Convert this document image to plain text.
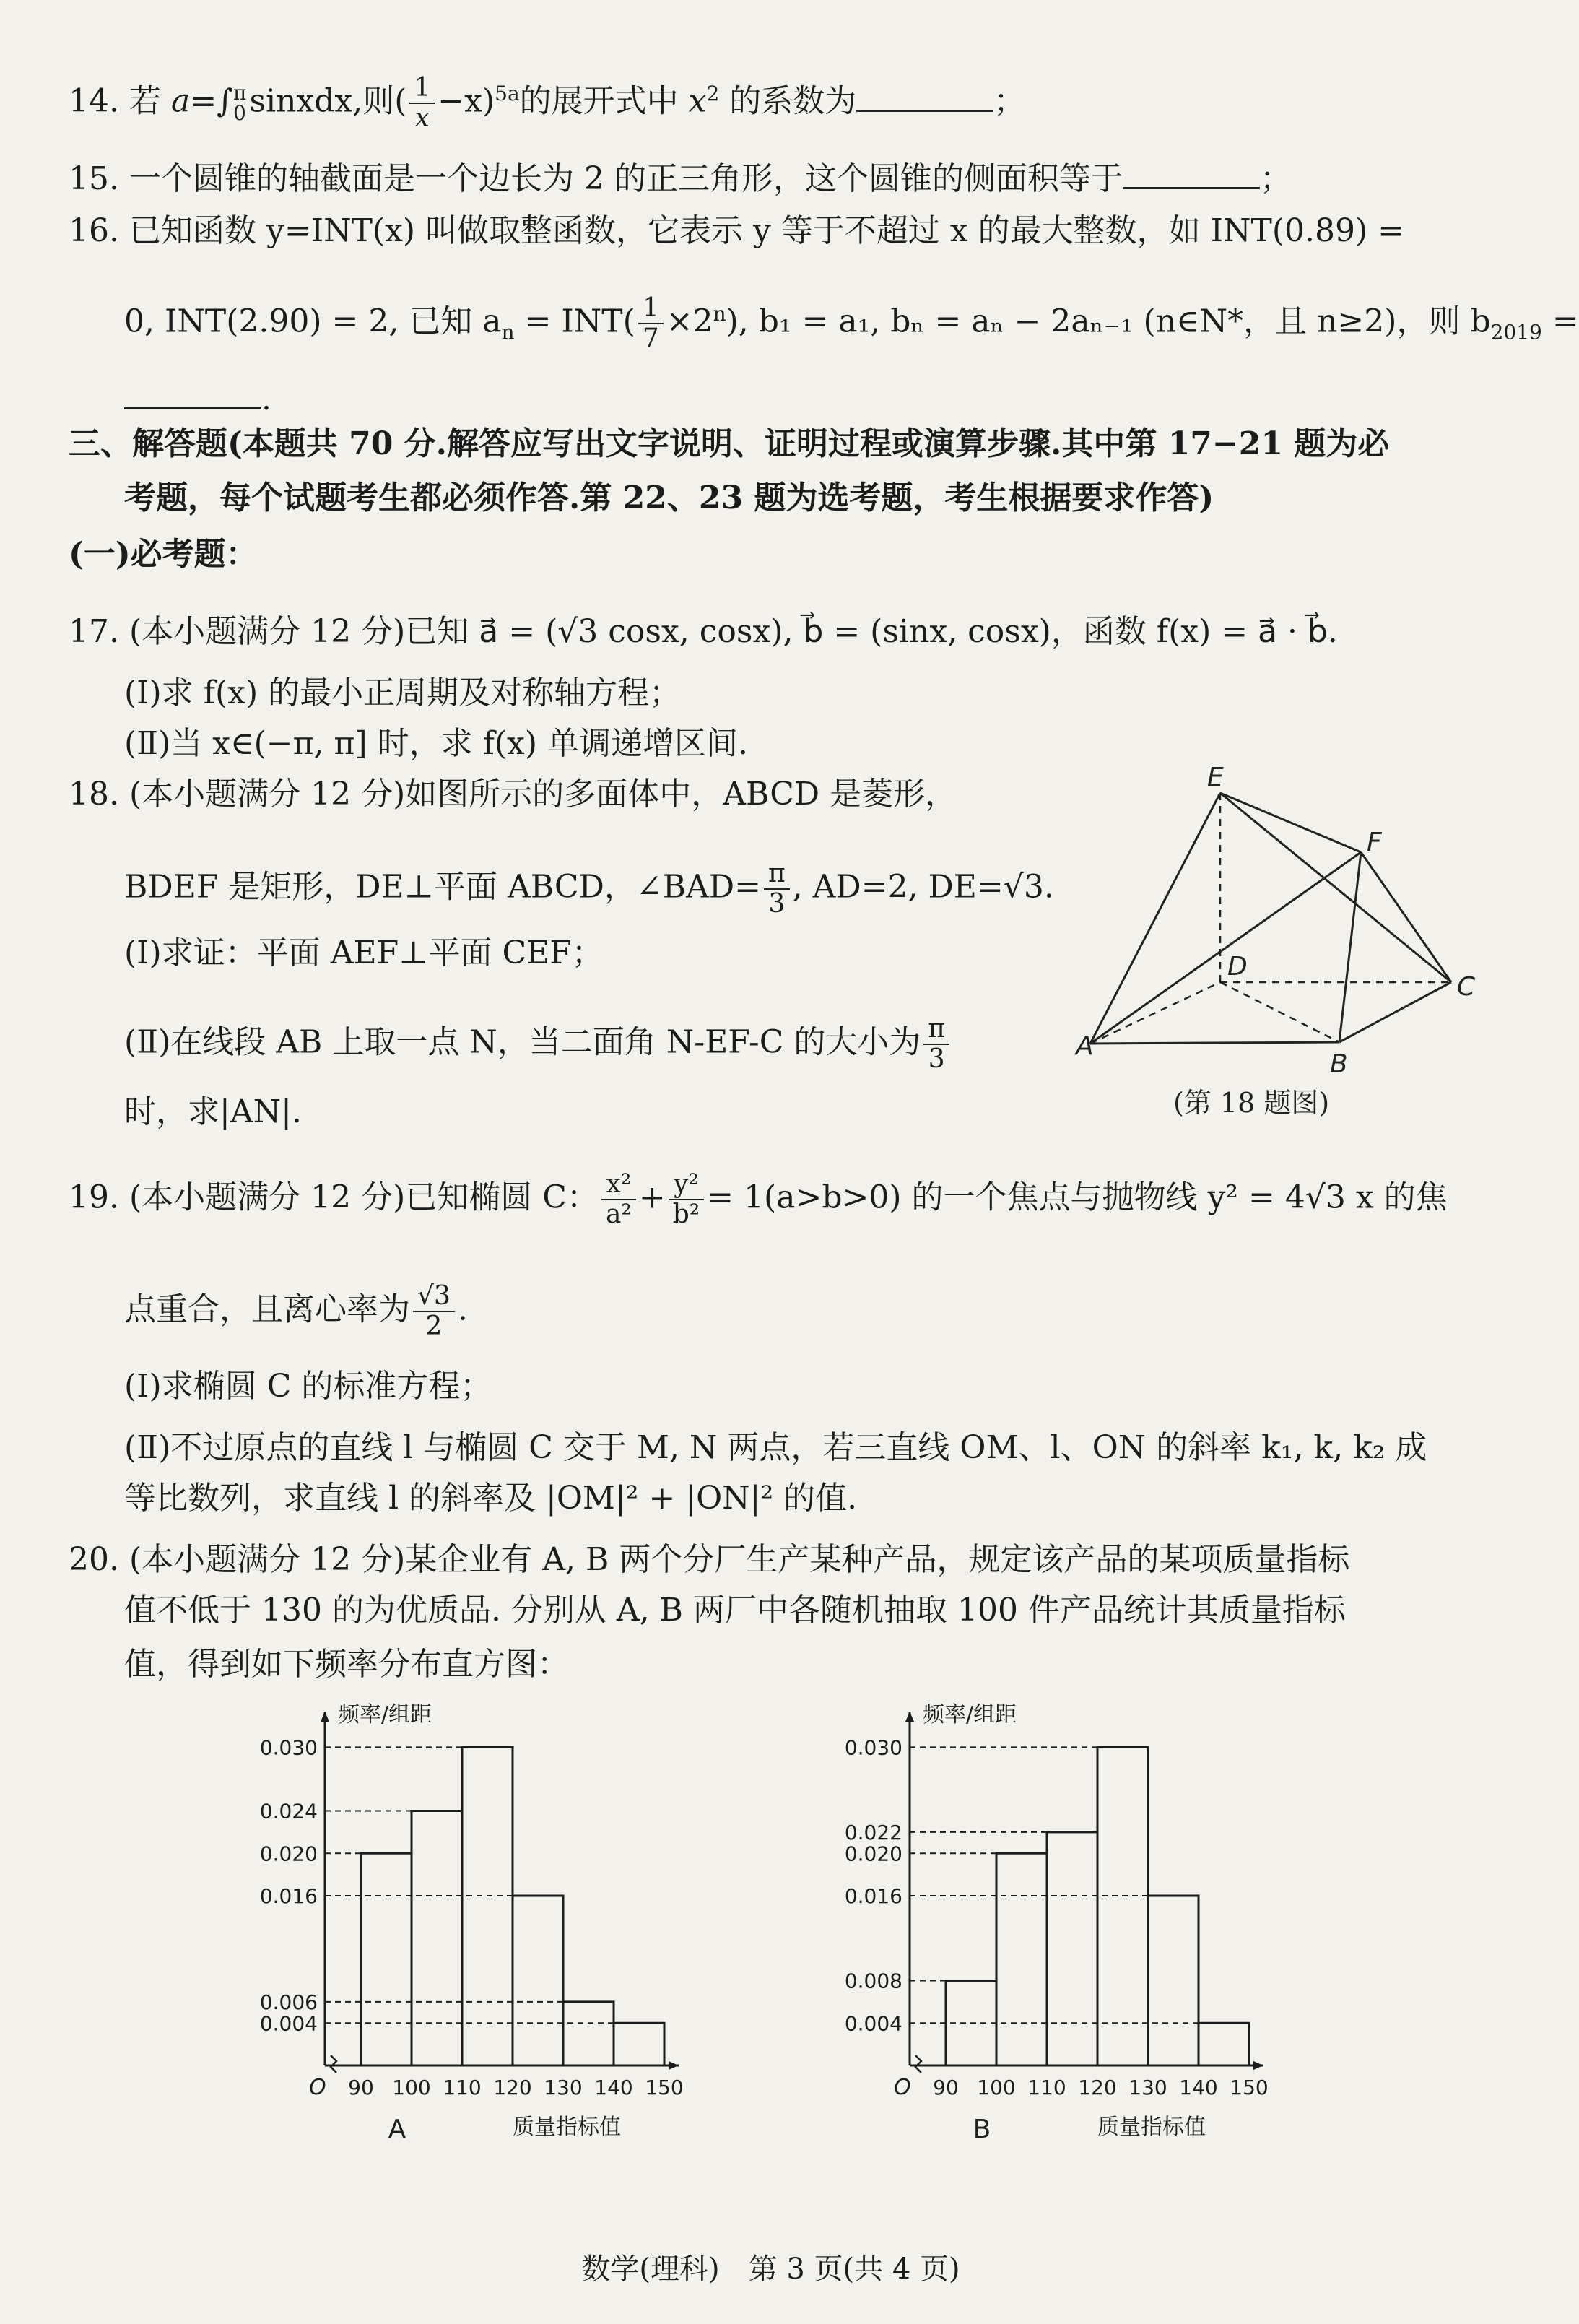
14. 若 a=∫ π
0 sinxdx,则( $\frac{1}{x} -x)^{5a}$的展开式中 $x^2$ 的系数为	；
15. 一个圆锥的轴截面是一个边长为 2 的正三角形，这个圆锥的侧面积等于	；
16. 已知函数 y=INT(x) 叫做取整函数，它表示 y 等于不超过 x 的最大整数，如 INT(0.89) =
0, INT(2.90) = 2, 已知 $a_n = INT( \frac{1}{7} \times 2^n)$, b₁ = a₁, bₙ = aₙ − 2aₙ₋₁ (n∈N*，且 n≥2)，则 $b_{2019}$ =
.
三、解答题(本题共 70 分.解答应写出文字说明、证明过程或演算步骤.其中第 17−21 题为必
考题，每个试题考生都必须作答.第 22、23 题为选考题，考生根据要求作答)
(一)必考题：
17. (本小题满分 12 分)已知 a⃗ = (√3 cosx, cosx), b⃗ = (sinx, cosx)，函数 f(x) = a⃗ · b⃗.
(Ⅰ)求 f(x) 的最小正周期及对称轴方程；
(Ⅱ)当 x∈(−π, π] 时，求 f(x) 单调递增区间.
18. (本小题满分 12 分)如图所示的多面体中，ABCD 是菱形，
BDEF 是矩形，DE⊥平面 ABCD，∠BAD= $\frac{\pi}{3}$ , AD=2, DE=√3.
(Ⅰ)求证：平面 AEF⊥平面 CEF；
(Ⅱ)在线段 AB 上取一点 N，当二面角 N-EF-C 的大小为 $\frac{\pi}{3}$
时，求|AN|.
E
F
D
C
A
B
(第 18 题图)
19. (本小题满分 12 分)已知椭圆 C： $\frac{\text{x²}}{\text{a²}} + \frac{\text{y²}}{\text{b²}} = 1(a>b>0)$ 的一个焦点与抛物线 y² = 4√3 x 的焦
点重合，且离心率为 $\frac{√3}{2}$ .
(Ⅰ)求椭圆 C 的标准方程；
(Ⅱ)不过原点的直线 l 与椭圆 C 交于 M, N 两点，若三直线 OM、l、ON 的斜率 k₁, k, k₂ 成
等比数列，求直线 l 的斜率及 |OM|² + |ON|² 的值.
20. (本小题满分 12 分)某企业有 A, B 两个分厂生产某种产品，规定该产品的某项质量指标
值不低于 130 的为优质品. 分别从 A, B 两厂中各随机抽取 100 件产品统计其质量指标
值，得到如下频率分布直方图：
0.030
0.024
0.020
0.016
0.006
0.004
90 100 110 120 130 140 150
O
频率/组距
质量指标值
A
0.030
0.022
0.020
0.016
0.008
0.004
90 100 110 120 130 140 150
O
频率/组距
质量指标值
B
数学(理科)　第 3 页(共 4 页)
